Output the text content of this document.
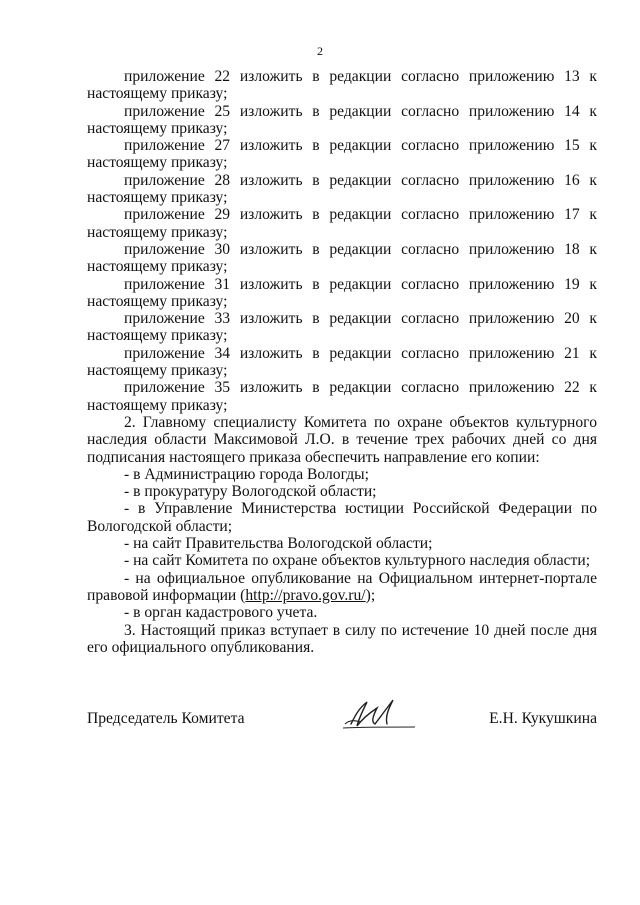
2

приложение 22 изложить в редакции согласно приложению 13 к

настоящему приказу;

приложение 25 изложить в редакции согласно приложению 14 к

настоящему приказу;

приложение 27 изложить в редакции согласно приложению 15 к

настоящему приказу;

приложение 28 изложить в редакции согласно приложению 16 к

настоящему приказу;

приложение 29 изложить в редакции согласно приложению 17 к

настоящему приказу;

приложение 30 изложить в редакции согласно приложению 18 к

настоящему приказу;

приложение 31 изложить в редакции согласно приложению 19 к

настоящему приказу;

приложение 33 изложить в редакции согласно приложению 20 к

настоящему приказу;

приложение 34 изложить в редакции согласно приложению 21 к

настоящему приказу;

приложение 35 изложить в редакции согласно приложению 22 к

настоящему приказу;

2. Главному специалисту Комитета по охране объектов культурного

наследия области Максимовой Л.О. в течение трех рабочих дней со дня

подписания настоящего приказа обеспечить направление его копии:

- в Администрацию города Вологды;

- в прокуратуру Вологодской области;

- в Управление Министерства юстиции Российской Федерации по

Вологодской области;

- на сайт Правительства Вологодской области;

- на сайт Комитета по охране объектов культурного наследия области;

- на официальное опубликование на Официальном интернет-портале

правовой информации (http://pravo.gov.ru/);

- в орган кадастрового учета.

3. Настоящий приказ вступает в силу по истечение 10 дней после дня

его официального опубликования.

Председатель Комитета	Е.Н. Кукушкина
